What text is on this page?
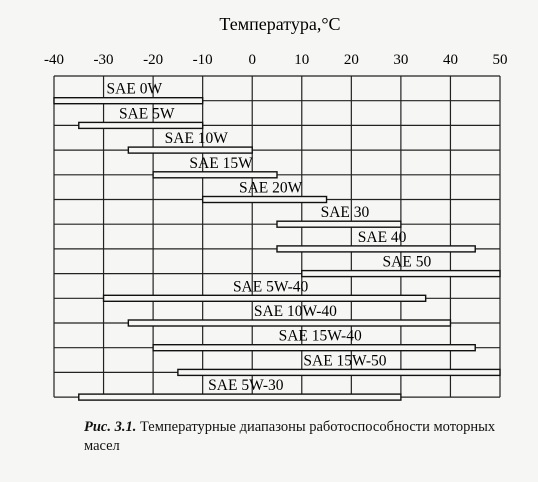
Температура,°С
-40 -30 -20 -10 0	10 20 30 40 50
SAE 0W
SAE 5W
SAE 10W
SAE 15W
SAE 20W
SAE 30
SAE 40
SAE 50
SAE 5W-40
SAE 10W-40
SAE 15W-40
SAE 15W-50
SAE 5W-30
Рис. 3.1. Температурные диапазоны работоспособности моторных масел
